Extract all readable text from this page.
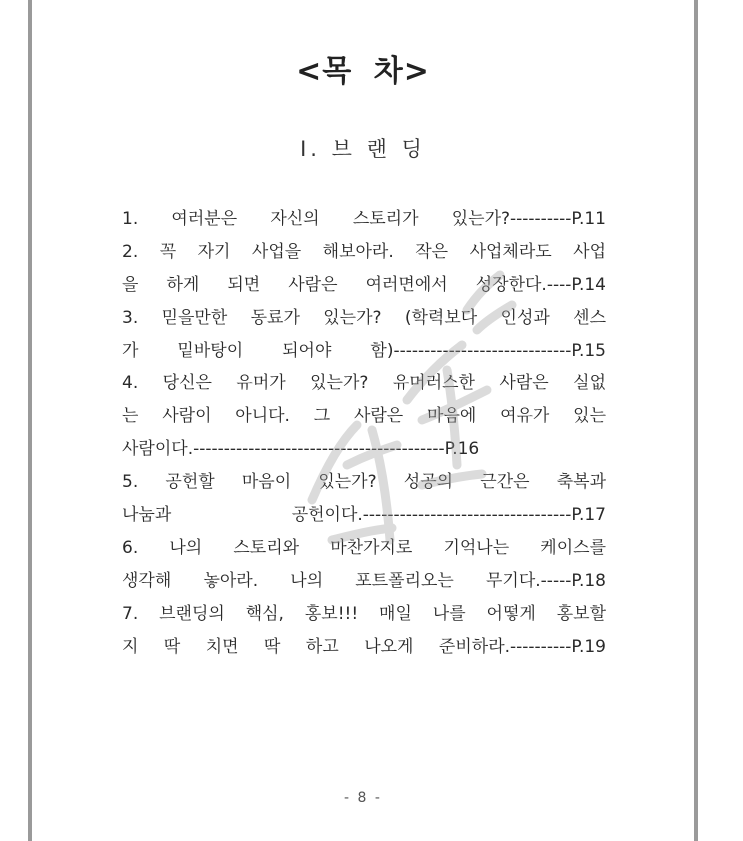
<목 차>
I. 브 랜 딩
1. 여러분은 자신의 스토리가 있는가?----------P.11
2. 꼭 자기 사업을 해보아라. 작은 사업체라도 사업
을 하게 되면 사람은 여러면에서 성장한다.----P.14
3. 믿을만한 동료가 있는가? (학력보다 인성과 센스
가 밑바탕이 되어야 함)-----------------------------P.15
4. 당신은 유머가 있는가? 유머러스한 사람은 실없
는 사람이 아니다. 그 사람은 마음에 여유가 있는
사람이다.-----------------------------------------P.16
5. 공헌할 마음이 있는가? 성공의 근간은 축복과
나눔과 공헌이다.----------------------------------P.17
6. 나의 스토리와 마찬가지로 기억나는 케이스를
생각해 놓아라. 나의 포트폴리오는 무기다.-----P.18
7. 브랜딩의 핵심, 홍보!!! 매일 나를 어떻게 홍보할
지 딱 치면 딱 하고 나오게 준비하라.----------P.19
- 8 -
